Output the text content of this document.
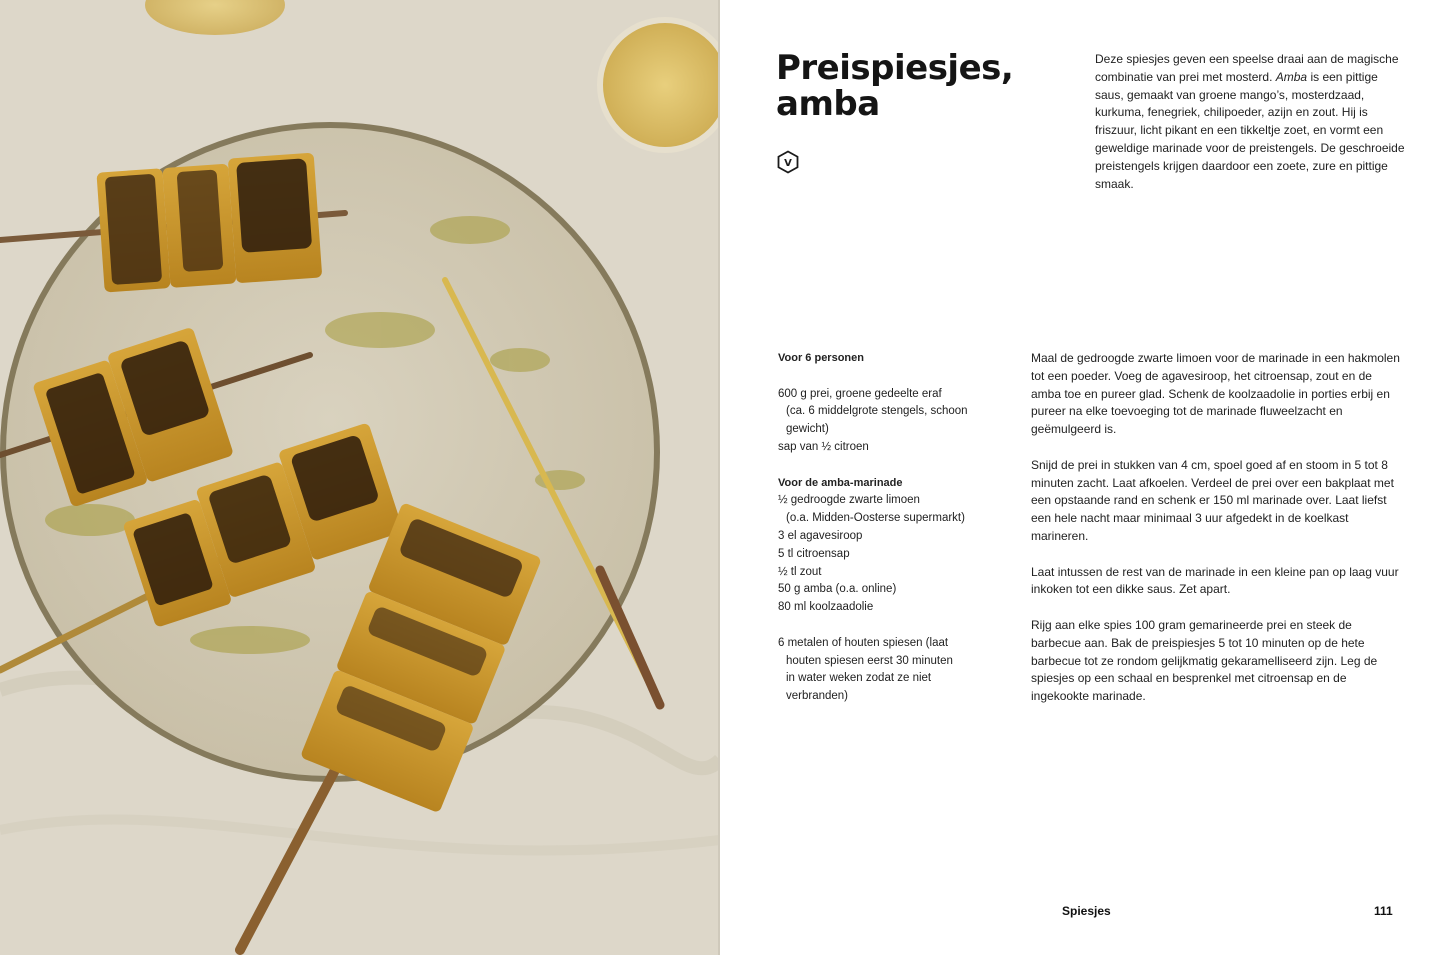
Preispiesjes,
amba
V

Deze spiesjes geven een speelse draai aan de magische combinatie van prei met mosterd. Amba is een pittige saus, gemaakt van groene mango’s, mosterdzaad, kurkuma, fenegriek, chilipoeder, azijn en zout. Hij is friszuur, licht pikant en een tikkeltje zoet, en vormt een geweldige marinade voor de preistengels. De geschroeide preistengels krijgen daardoor een zoete, zure en pittige smaak.

Voor 6 personen
600 g prei, groene gedeelte eraf
(ca. 6 middelgrote stengels, schoon
gewicht)
sap van ½ citroen
Voor de amba-marinade
½ gedroogde zwarte limoen
(o.a. Midden-Oosterse supermarkt)
3 el agavesiroop
5 tl citroensap
½ tl zout
50 g amba (o.a. online)
80 ml koolzaadolie
6 metalen of houten spiesen (laat
houten spiesen eerst 30 minuten
in water weken zodat ze niet
verbranden)

Maal de gedroogde zwarte limoen voor de marinade in een hakmolen tot een poeder. Voeg de agavesiroop, het citroensap, zout en de amba toe en pureer glad. Schenk de koolzaadolie in porties erbij en pureer na elke toevoeging tot de marinade fluweelzacht en geëmulgeerd is.

Snijd de prei in stukken van 4 cm, spoel goed af en stoom in 5 tot 8 minuten zacht. Laat afkoelen. Verdeel de prei over een bakplaat met een opstaande rand en schenk er 150 ml marinade over. Laat liefst een hele nacht maar minimaal 3 uur afgedekt in de koelkast marineren.

Laat intussen de rest van de marinade in een kleine pan op laag vuur inkoken tot een dikke saus. Zet apart.

Rijg aan elke spies 100 gram gemarineerde prei en steek de barbecue aan. Bak de preispiesjes 5 tot 10 minuten op de hete barbecue tot ze rondom gelijkmatig gekaramelliseerd zijn. Leg de spiesjes op een schaal en besprenkel met citroensap en de ingekookte marinade.

Spiesjes	111
